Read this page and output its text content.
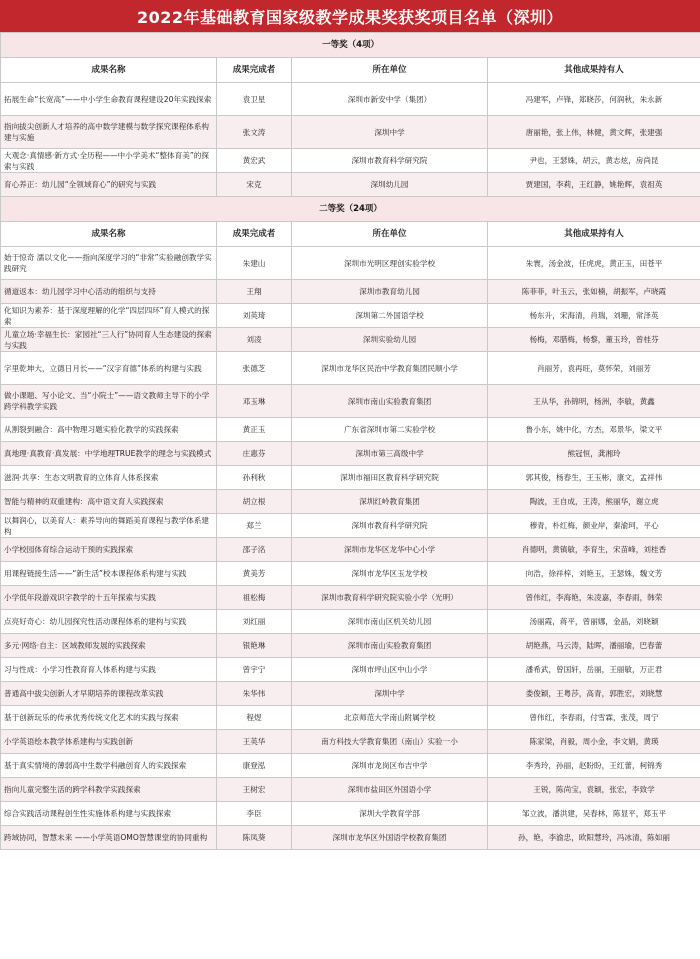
2022年基础教育国家级教学成果奖获奖项目名单（深圳）
一等奖（4项）			
成果名称	成果完成者	所在单位	其他成果持有人
拓展生命“长宽高”——中小学生命教育课程建设20年实践探索	袁卫星	深圳市新安中学（集团）	冯建军，卢锋，郑晓莎，何润秋，朱永新
指向拔尖创新人才培养的高中数学建模与数学探究课程体系构建与实施	张文涛	深圳中学	唐丽艳，张上伟，林健，黄文辉，张建强
大观念·真情感·新方式·全历程——中小学美术“整体育美”的探索与实践	黄宏武	深圳市教育科学研究院	尹也，王瑟姝，胡云，黄志炫，房尚昆
育心养正：幼儿园“全领域育心”的研究与实践	宋克	深圳幼儿园	贾建国，李莉，王红静，姚艳辉，袁祖英
二等奖（24项）			
成果名称	成果完成者	所在单位	其他成果持有人
始于惊奇 濡以文化——指向深度学习的“非常”实验融创教学实践研究	朱建山	深圳市光明区理创实验学校	朱寰，汤金波，任虎虎，黄正玉，田苍平
循道返本：幼儿园学习中心活动的组织与支持	王翔	深圳市教育幼儿园	陈菲菲，叶玉云，张如楠，胡振军，卢晓霞
化知识为素养：基于深度理解的化学“四层四环”育人模式的探索	刘英琦	深圳第二外国语学校	杨东升，宋海清，肖瑞，刘珊，常泽英
儿童立场·幸福生长：家园社“三人行”协同育人生态建设的探索与实践	刘凌	深圳实验幼儿园	杨梅，邓腊梅，杨黎，董玉玲，曾桂芬
字里乾坤大，立德日月长——“汉字育德”体系的构建与实践	张德芝	深圳市龙华区民治中学教育集团民顺小学	肖丽芳，袁再旺，莫怀荣，刘丽芳
做小课题、写小论文、当“小院士”——语文教师主导下的小学跨学科教学实践	邓玉琳	深圳市南山实验教育集团	王从华，孙锦明，杨洲，李敏，黄鑫
从割裂到融合：高中物理习题实验化教学的实践探索	黄正玉	广东省深圳市第二实验学校	鲁小东，姚中化，方杰，邓景华，梁文平
真地理·真教育·真发展：中学地理TRUE教学的理念与实践模式	庄惠芬	深圳市第三高级中学	熊冠恒，龚湘玲
滋润·共享：生态文明教育的立体育人体系探索	孙利秋	深圳市福田区教育科学研究院	郭其俊，杨春生，王玉彬，康文，孟祥伟
智能与精神的双重建构：高中语文育人实践探索	胡立根	深圳红岭教育集团	陶波，王自成，王涛，熊丽华，谢立虎
以舞润心，以美育人：素养导向的舞蹈美育课程与教学体系建构	郑兰	深圳市教育科学研究院	穆青，朴红梅，颜业岸，秦渝珂，平心
小学校园体育综合运动干预的实践探索	邵子洺	深圳市龙华区龙华中心小学	肖德明，黄镇敏，李育生，宋苗峰，刘桂香
用课程链接生活——“新生活”校本课程体系构建与实践	黄美芳	深圳市龙华区玉龙学校	向浩，徐祥梓，刘艳玉，王瑟姝，魏文芳
小学低年段游戏识字教学的十五年探索与实践	祖松梅	深圳市教育科学研究院实验小学（光明）	曾伟红，李海艳，朱凌嘉，李春雨，韩荣
点亮好奇心：幼儿园探究性活动课程体系的建构与实践	刘红丽	深圳市南山区机关幼儿园	汤丽霞，蒋平，曾丽娜，金晶，刘晓颖
多元·网络·自主：区域教师发展的实践探索	银艳琳	深圳市南山实验教育集团	胡艳燕，马云涛，陆晖，潘丽瑜，巴春蕾
习与性成：小学习性教育育人体系构建与实践	曾宇宁	深圳市坪山区中山小学	潘希武，曾国轩，岳丽，王丽敏，万正君
普通高中拔尖创新人才早期培养的课程改革实践	朱华伟	深圳中学	娄俊颖，王粤莎，高青，郭胜宏，刘晓慧
基于创新玩乐的传承优秀传统文化艺术的实践与探索	程煜	北京师范大学南山附属学校	曾伟红，李春雨，付雪霖，张茂，周宁
小学英语绘本教学体系建构与实践创新	王英华	南方科技大学教育集团（南山）实验一小	陈家梁，肖毅，周小金，李文娟，黄瑛
基于真实情境的薄弱高中生数学科融创育人的实践探索	康登泓	深圳市龙岗区布吉中学	李秀玲，孙丽，赵盼盼，王红蕾，柯锦秀
指向儿童完整生活的跨学科教学实践探索	王树宏	深圳市盐田区外国语小学	王锐，陈尚宝，袁颖，张宏，李致学
综合实践活动课程创生性实施体系构建与实践探索	李臣	深圳大学教育学部	邹立波，潘洪建，吴春林，陈显平，郑玉平
跨域协同，智慧未来 ——小学英语OMO智慧课堂的协同重构	陈凤葵	深圳市龙华区外国语学校教育集团	孙，艳，李渝忠，欧阳慧玲，冯冰清，陈如丽
